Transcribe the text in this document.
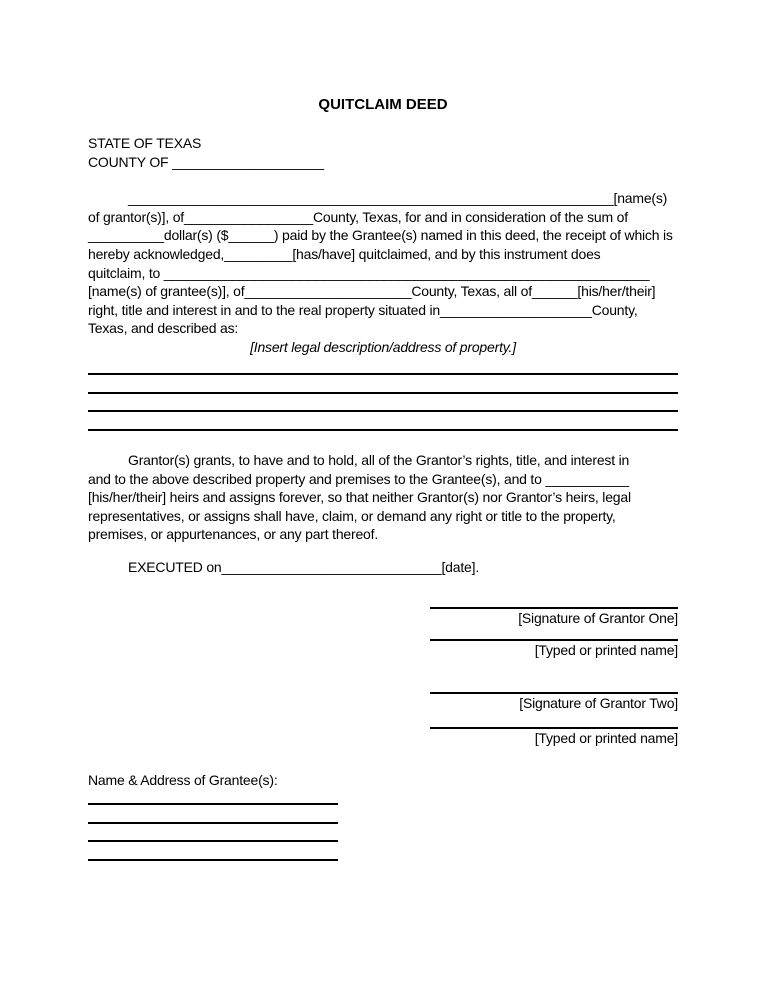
QUITCLAIM DEED
STATE OF TEXAS
COUNTY OF ____________________
________________________________________________________________[name(s)
of grantor(s)], of_________________County, Texas, for and in consideration of the sum of
__________dollar(s) ($______) paid by the Grantee(s) named in this deed, the receipt of which is
hereby acknowledged,_________[has/have] quitclaimed, and by this instrument does
quitclaim, to ________________________________________________________________
[name(s) of grantee(s)], of______________________County, Texas, all of______[his/her/their]
right, title and interest in and to the real property situated in____________________County,
Texas, and described as:
[Insert legal description/address of property.]
Grantor(s) grants, to have and to hold, all of the Grantor’s rights, title, and interest in
and to the above described property and premises to the Grantee(s), and to ___________
[his/her/their] heirs and assigns forever, so that neither Grantor(s) nor Grantor’s heirs, legal
representatives, or assigns shall have, claim, or demand any right or title to the property,
premises, or appurtenances, or any part thereof.
EXECUTED on_____________________________[date].
[Signature of Grantor One]
[Typed or printed name]
[Signature of Grantor Two]
[Typed or printed name]
Name & Address of Grantee(s):
